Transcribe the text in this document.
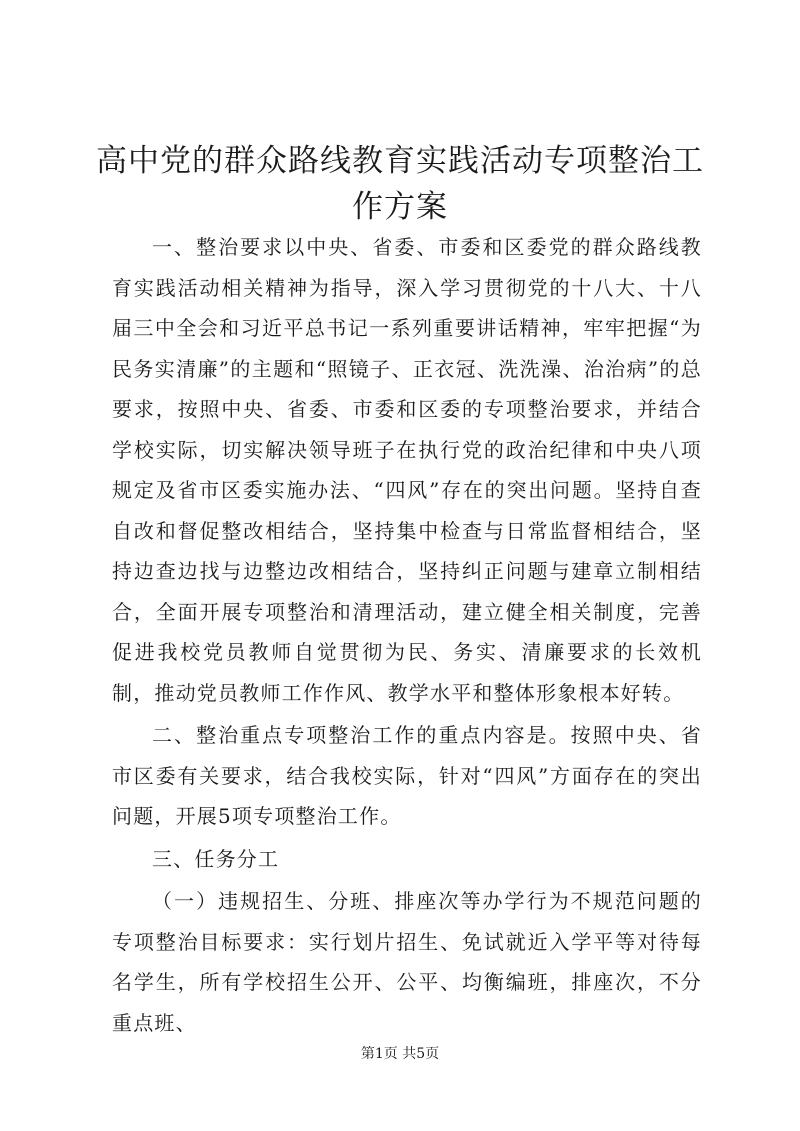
高中党的群众路线教育实践活动专项整治工作方案

一、整治要求以中央、省委、市委和区委党的群众路线教育实践活动相关精神为指导，深入学习贯彻党的十八大、十八届三中全会和习近平总书记一系列重要讲话精神，牢牢把握“为民务实清廉”的主题和“照镜子、正衣冠、洗洗澡、治治病”的总要求，按照中央、省委、市委和区委的专项整治要求，并结合学校实际，切实解决领导班子在执行党的政治纪律和中央八项规定及省市区委实施办法、“四风”存在的突出问题。坚持自查自改和督促整改相结合，坚持集中检查与日常监督相结合，坚持边查边找与边整边改相结合，坚持纠正问题与建章立制相结合，全面开展专项整治和清理活动，建立健全相关制度，完善促进我校党员教师自觉贯彻为民、务实、清廉要求的长效机制，推动党员教师工作作风、教学水平和整体形象根本好转。

二、整治重点专项整治工作的重点内容是。按照中央、省市区委有关要求，结合我校实际，针对“四风”方面存在的突出问题，开展5项专项整治工作。

三、任务分工

（一）违规招生、分班、排座次等办学行为不规范问题的专项整治目标要求：实行划片招生、免试就近入学平等对待每名学生，所有学校招生公开、公平、均衡编班，排座次，不分重点班、

第1页 共5页
